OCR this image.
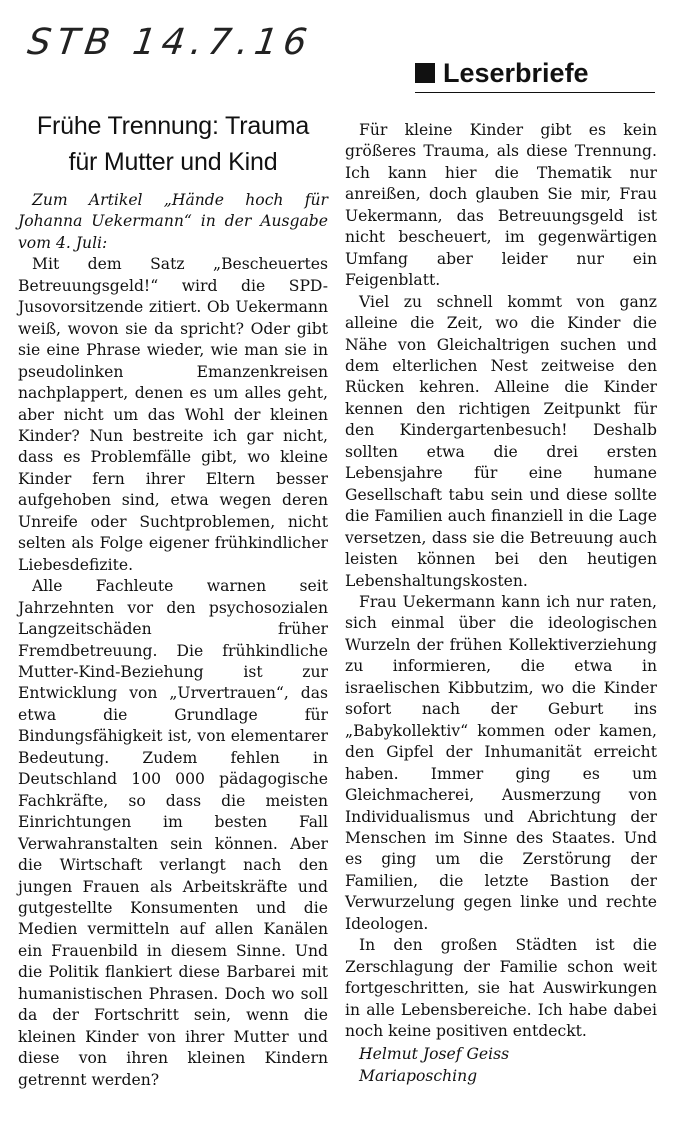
STB 14.7.16
Leserbriefe
Frühe Trennung: Trauma
für Mutter und Kind

Zum Artikel „Hände hoch für Johanna Uekermann“ in der Ausgabe vom 4. Juli:

Mit dem Satz „Bescheuertes Betreuungsgeld!“ wird die SPD-Jusovorsitzende zitiert. Ob Uekermann weiß, wovon sie da spricht? Oder gibt sie eine Phrase wieder, wie man sie in pseudolinken Emanzenkreisen nachplappert, denen es um alles geht, aber nicht um das Wohl der kleinen Kinder? Nun bestreite ich gar nicht, dass es Problemfälle gibt, wo kleine Kinder fern ihrer Eltern besser aufgehoben sind, etwa wegen deren Unreife oder Suchtproblemen, nicht selten als Folge eigener frühkindlicher Liebesdefizite.

Alle Fachleute warnen seit Jahrzehnten vor den psychosozialen Langzeitschäden früher Fremdbetreuung. Die frühkindliche Mutter-Kind-Beziehung ist zur Entwicklung von „Urvertrauen“, das etwa die Grundlage für Bindungsfähigkeit ist, von elementarer Bedeutung. Zudem fehlen in Deutschland 100 000 pädagogische Fachkräfte, so dass die meisten Einrichtungen im besten Fall Verwahranstalten sein können. Aber die Wirtschaft verlangt nach den jungen Frauen als Arbeitskräfte und gutgestellte Konsumenten und die Medien vermitteln auf allen Kanälen ein Frauenbild in diesem Sinne. Und die Politik flankiert diese Barbarei mit humanistischen Phrasen. Doch wo soll da der Fortschritt sein, wenn die kleinen Kinder von ihrer Mutter und diese von ihren kleinen Kindern getrennt werden?

Für kleine Kinder gibt es kein größeres Trauma, als diese Trennung. Ich kann hier die Thematik nur anreißen, doch glauben Sie mir, Frau Uekermann, das Betreuungsgeld ist nicht bescheuert, im gegenwärtigen Umfang aber leider nur ein Feigenblatt.

Viel zu schnell kommt von ganz alleine die Zeit, wo die Kinder die Nähe von Gleichaltrigen suchen und dem elterlichen Nest zeitweise den Rücken kehren. Alleine die Kinder kennen den richtigen Zeitpunkt für den Kindergartenbesuch! Deshalb sollten etwa die drei ersten Lebensjahre für eine humane Gesellschaft tabu sein und diese sollte die Familien auch finanziell in die Lage versetzen, dass sie die Betreuung auch leisten können bei den heutigen Lebenshaltungskosten.

Frau Uekermann kann ich nur raten, sich einmal über die ideologischen Wurzeln der frühen Kollektiverziehung zu informieren, die etwa in israelischen Kibbutzim, wo die Kinder sofort nach der Geburt ins „Babykollektiv“ kommen oder kamen, den Gipfel der Inhumanität erreicht haben. Immer ging es um Gleichmacherei, Ausmerzung von Individualismus und Abrichtung der Menschen im Sinne des Staates. Und es ging um die Zerstörung der Familien, die letzte Bastion der Verwurzelung gegen linke und rechte Ideologen.

In den großen Städten ist die Zerschlagung der Familie schon weit fortgeschritten, sie hat Auswirkungen in alle Lebensbereiche. Ich habe dabei noch keine positiven entdeckt.

Helmut Josef Geiss
Mariaposching
